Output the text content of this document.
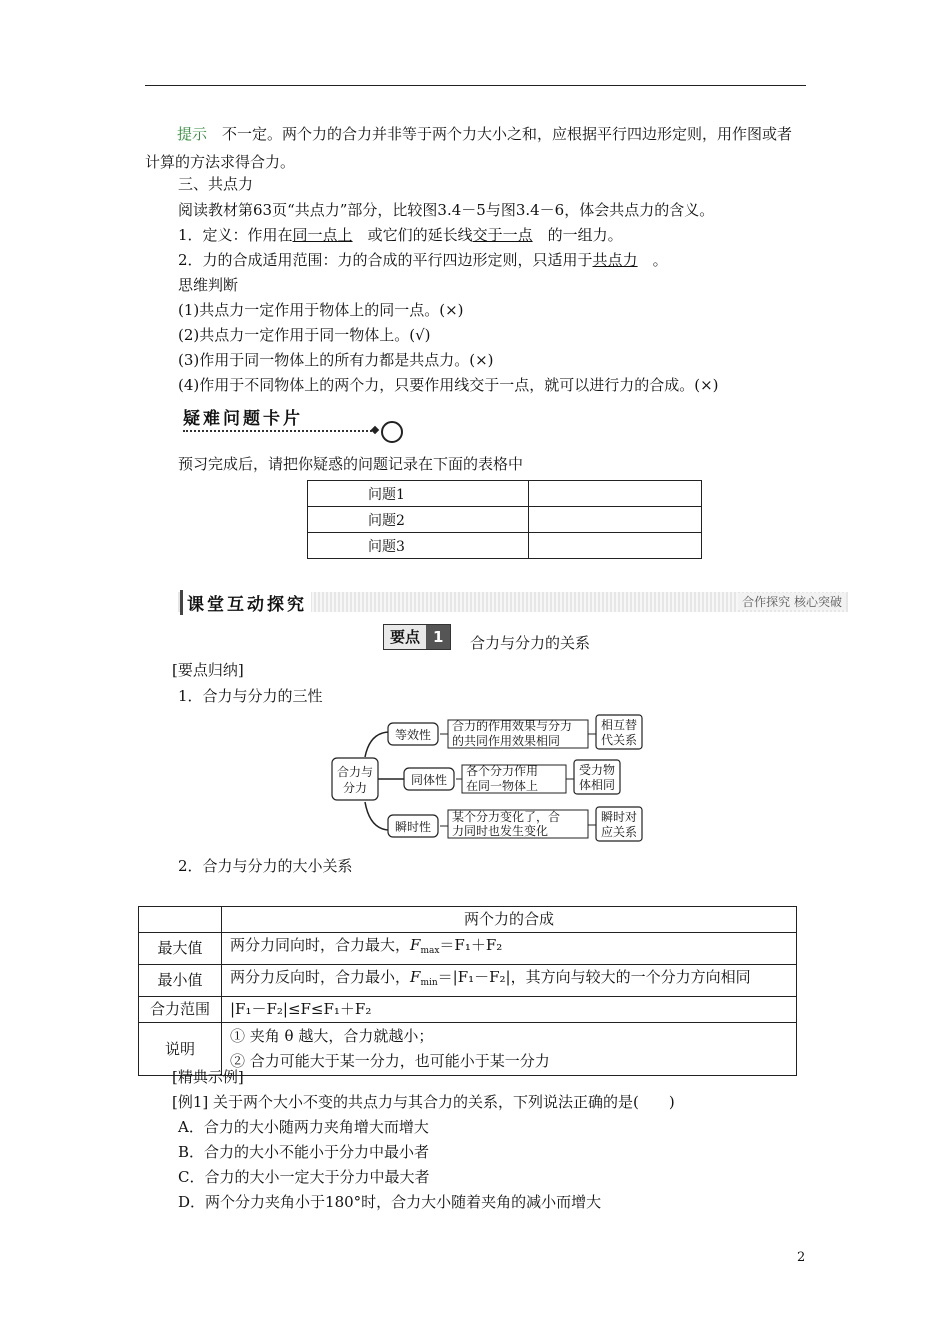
提示　 不一定。两个力的合力并非等于两个力大小之和，应根据平行四边形定则，用作图或者计算的方法求得合力。
三、共点力
阅读教材第63页“共点力”部分，比较图3.4－5与图3.4－6，体会共点力的含义。
1．定义：作用在同一点上　 或它们的延长线交于一点　 的一组力。
2．力的合成适用范围：力的合成的平行四边形定则，只适用于共点力　 。
思维判断
(1)共点力一定作用于物体上的同一点。(×)
(2)共点力一定作用于同一物体上。(√)
(3)作用于同一物体上的所有力都是共点力。(×)
(4)作用于不同物体上的两个力，只要作用线交于一点，就可以进行力的合成。(×)
疑难问题卡片
预习完成后，请把你疑惑的问题记录在下面的表格中
问题1	
问题2	
问题3	
课堂互动探究	合作探究 核心突破
要点 1	合力与分力的关系
[要点归纳]
1．合力与分力的三性
合力与
分力
等效性
合力的作用效果与分力
的共同作用效果相同
相互替
代关系
同体性
各个分力作用
在同一物体上
受力物
体相同
瞬时性
某个分力变化了，合
力同时也发生变化
瞬时对
应关系
2．合力与分力的大小关系
	两个力的合成
最大值	两分力同向时，合力最大，$F_{max}=F_1+F_2$
最小值	两分力反向时，合力最小，$F_{min}=|F_1-F_2|$，其方向与较大的一个分力方向相同
合力范围	|F₁－F₂|≤F≤F₁＋F₂
说明	① 夹角 θ 越大，合力就越小；
② 合力可能大于某一分力，也可能小于某一分力
[精典示例]
[例1] 关于两个大小不变的共点力与其合力的关系，下列说法正确的是(　　)
A．合力的大小随两力夹角增大而增大
B．合力的大小不能小于分力中最小者
C．合力的大小一定大于分力中最大者
D．两个分力夹角小于180°时，合力大小随着夹角的减小而增大
2
